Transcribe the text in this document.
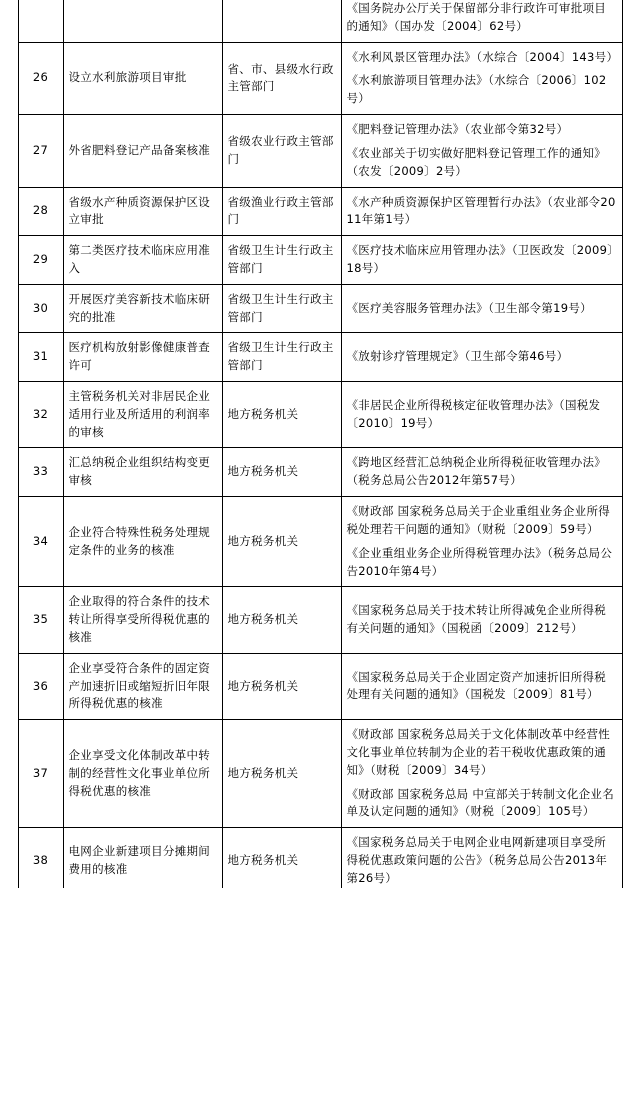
			《国务院办公厅关于保留部分非行政许可审批项目的通知》（国办发〔2004〕62号）

26	设立水利旅游项目审批	省、市、县级水行政主管部门	《水利风景区管理办法》（水综合〔2004〕143号）

《水利旅游项目管理办法》（水综合〔2006〕102号）

27	外省肥料登记产品备案核准	省级农业行政主管部门	《肥料登记管理办法》（农业部令第32号）

《农业部关于切实做好肥料登记管理工作的通知》（农发〔2009〕2号）

28	省级水产种质资源保护区设立审批	省级渔业行政主管部门	《水产种质资源保护区管理暂行办法》（农业部令2011年第1号）

29	第二类医疗技术临床应用准入	省级卫生计生行政主管部门	《医疗技术临床应用管理办法》（卫医政发〔2009〕18号）

30	开展医疗美容新技术临床研究的批准	省级卫生计生行政主管部门	《医疗美容服务管理办法》（卫生部令第19号）

31	医疗机构放射影像健康普查许可	省级卫生计生行政主管部门	《放射诊疗管理规定》（卫生部令第46号）

32	主管税务机关对非居民企业适用行业及所适用的利润率的审核	地方税务机关	《非居民企业所得税核定征收管理办法》（国税发〔2010〕19号）

33	汇总纳税企业组织结构变更审核	地方税务机关	《跨地区经营汇总纳税企业所得税征收管理办法》（税务总局公告2012年第57号）

34	企业符合特殊性税务处理规定条件的业务的核准	地方税务机关	《财政部 国家税务总局关于企业重组业务企业所得税处理若干问题的通知》（财税〔2009〕59号）

《企业重组业务企业所得税管理办法》（税务总局公告2010年第4号）

35	企业取得的符合条件的技术转让所得享受所得税优惠的核准	地方税务机关	《国家税务总局关于技术转让所得减免企业所得税有关问题的通知》（国税函〔2009〕212号）

36	企业享受符合条件的固定资产加速折旧或缩短折旧年限所得税优惠的核准	地方税务机关	《国家税务总局关于企业固定资产加速折旧所得税处理有关问题的通知》（国税发〔2009〕81号）

37	企业享受文化体制改革中转制的经营性文化事业单位所得税优惠的核准	地方税务机关	《财政部 国家税务总局关于文化体制改革中经营性文化事业单位转制为企业的若干税收优惠政策的通知》（财税〔2009〕34号）

《财政部 国家税务总局 中宣部关于转制文化企业名单及认定问题的通知》（财税〔2009〕105号）

38	电网企业新建项目分摊期间费用的核准	地方税务机关	《国家税务总局关于电网企业电网新建项目享受所得税优惠政策问题的公告》（税务总局公告2013年第26号）
